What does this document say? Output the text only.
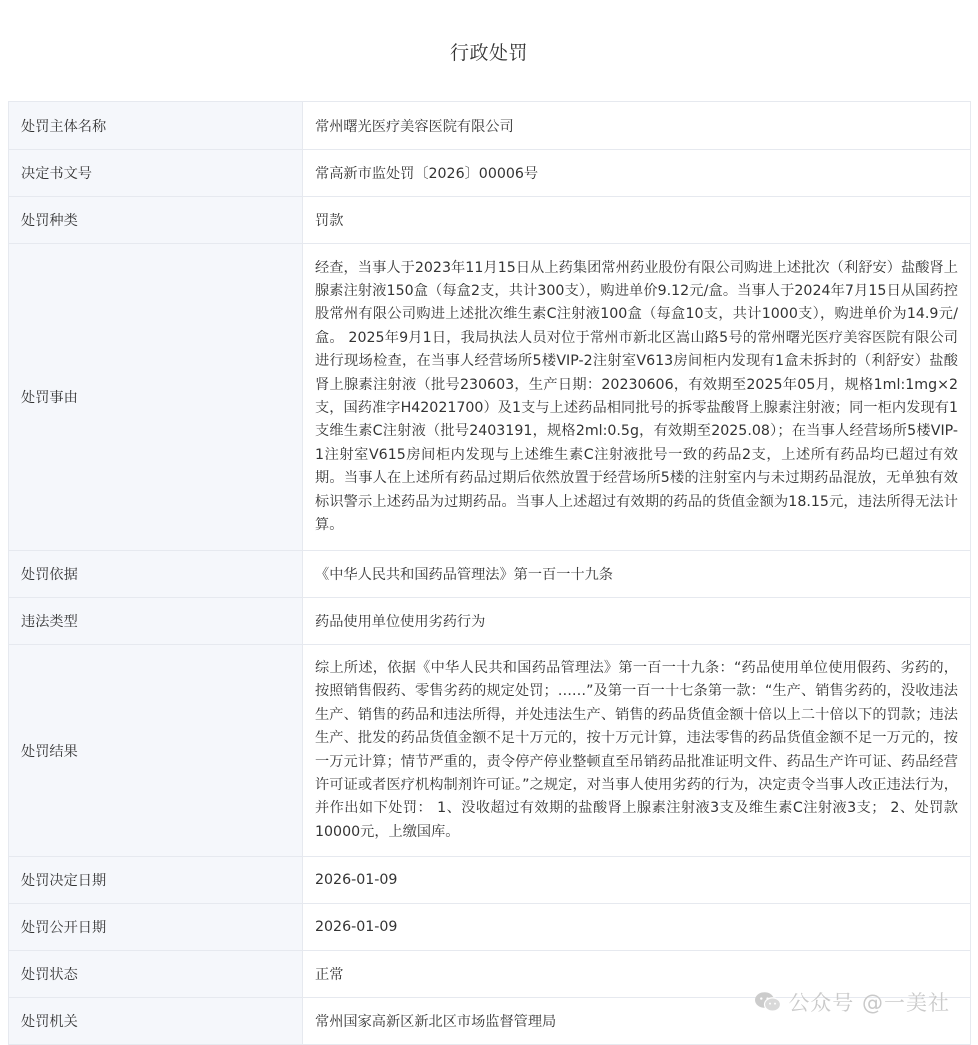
行政处罚
处罚主体名称	常州曙光医疗美容医院有限公司
决定书文号	常高新市监处罚〔2026〕00006号
处罚种类	罚款
处罚事由	经查，当事人于2023年11月15日从上药集团常州药业股份有限公司购进上述批次（利舒安）盐酸肾上腺素注射液150盒（每盒2支，共计300支），购进单价9.12元/盒。当事人于2024年7月15日从国药控股常州有限公司购进上述批次维生素C注射液100盒（每盒10支，共计1000支），购进单价为14.9元/盒。 2025年9月1日，我局执法人员对位于常州市新北区嵩山路5号的常州曙光医疗美容医院有限公司进行现场检查，在当事人经营场所5楼VIP-2注射室V613房间柜内发现有1盒未拆封的（利舒安）盐酸肾上腺素注射液（批号230603，生产日期：20230606，有效期至2025年05月，规格1ml:1mg×2支，国药准字H42021700）及1支与上述药品相同批号的拆零盐酸肾上腺素注射液；同一柜内发现有1支维生素C注射液（批号2403191，规格2ml:0.5g，有效期至2025.08）；在当事人经营场所5楼VIP-1注射室V615房间柜内发现与上述维生素C注射液批号一致的药品2支，上述所有药品均已超过有效期。当事人在上述所有药品过期后依然放置于经营场所5楼的注射室内与未过期药品混放，无单独有效标识警示上述药品为过期药品。当事人上述超过有效期的药品的货值金额为18.15元，违法所得无法计算。
处罚依据	《中华人民共和国药品管理法》第一百一十九条
违法类型	药品使用单位使用劣药行为
处罚结果	综上所述，依据《中华人民共和国药品管理法》第一百一十九条：“药品使用单位使用假药、劣药的，按照销售假药、零售劣药的规定处罚；……”及第一百一十七条第一款：“生产、销售劣药的，没收违法生产、销售的药品和违法所得，并处违法生产、销售的药品货值金额十倍以上二十倍以下的罚款；违法生产、批发的药品货值金额不足十万元的，按十万元计算，违法零售的药品货值金额不足一万元的，按一万元计算；情节严重的，责令停产停业整顿直至吊销药品批准证明文件、药品生产许可证、药品经营许可证或者医疗机构制剂许可证。”之规定，对当事人使用劣药的行为，决定责令当事人改正违法行为，并作出如下处罚： 1、没收超过有效期的盐酸肾上腺素注射液3支及维生素C注射液3支； 2、处罚款10000元，上缴国库。
处罚决定日期	2026-01-09
处罚公开日期	2026-01-09
处罚状态	正常
处罚机关	常州国家高新区新北区市场监督管理局
公众号 @一美社
